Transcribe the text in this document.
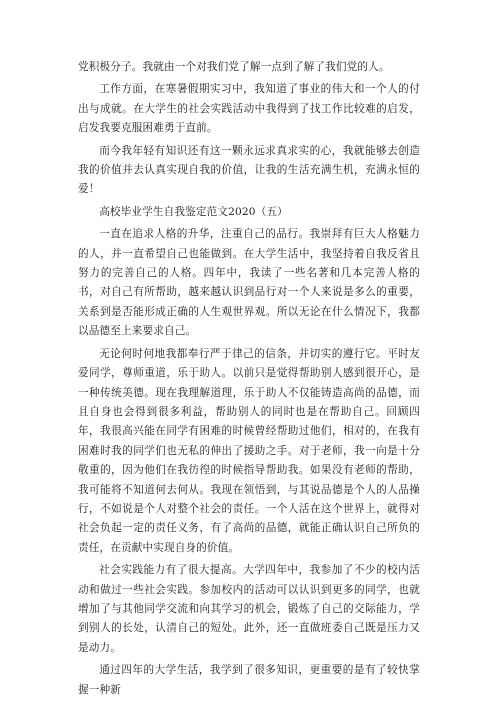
党积极分子。我就由一个对我们党了解一点到了解了我们党的人。

工作方面，在寒暑假期实习中，我知道了事业的伟大和一个人的付出与成就。在大学生的社会实践活动中我得到了找工作比较难的启发，启发我要克服困难勇于直前。

而今我年轻有知识还有这一颗永远求真求实的心，我就能够去创造我的价值并去认真实现自我的价值，让我的生活充满生机，充满永恒的爱！

高校毕业学生自我鉴定范文2020（五）

一直在追求人格的升华，注重自己的品行。我崇拜有巨大人格魅力的人，并一直希望自己也能做到。在大学生活中，我坚持着自我反省且努力的完善自己的人格。四年中，我读了一些名著和几本完善人格的书，对自己有所帮助，越来越认识到品行对一个人来说是多么的重要，关系到是否能形成正确的人生观世界观。所以无论在什么情况下，我都以品德至上来要求自己。

无论何时何地我都奉行严于律己的信条，并切实的遵行它。平时友爱同学，尊师重道，乐于助人。以前只是觉得帮助别人感到很开心，是一种传统美德。现在我理解道理，乐于助人不仅能铸造高尚的品德，而且自身也会得到很多利益，帮助别人的同时也是在帮助自己。回顾四年，我很高兴能在同学有困难的时候曾经帮助过他们，相对的，在我有困难时我的同学们也无私的伸出了援助之手。对于老师，我一向是十分敬重的，因为他们在我彷徨的时候指导帮助我。如果没有老师的帮助，我可能将不知道何去何从。我现在领悟到，与其说品德是个人的人品操行，不如说是个人对整个社会的责任。一个人活在这个世界上，就得对社会负起一定的责任义务，有了高尚的品德，就能正确认识自己所负的责任，在贡献中实现自身的价值。

社会实践能力有了很大提高。大学四年中，我参加了不少的校内活动和做过一些社会实践。参加校内的活动可以认识到更多的同学，也就增加了与其他同学交流和向其学习的机会，锻炼了自己的交际能力，学到别人的长处，认清自己的短处。此外，还一直做班委自己既是压力又是动力。

通过四年的大学生活，我学到了很多知识，更重要的是有了较快掌握一种新
